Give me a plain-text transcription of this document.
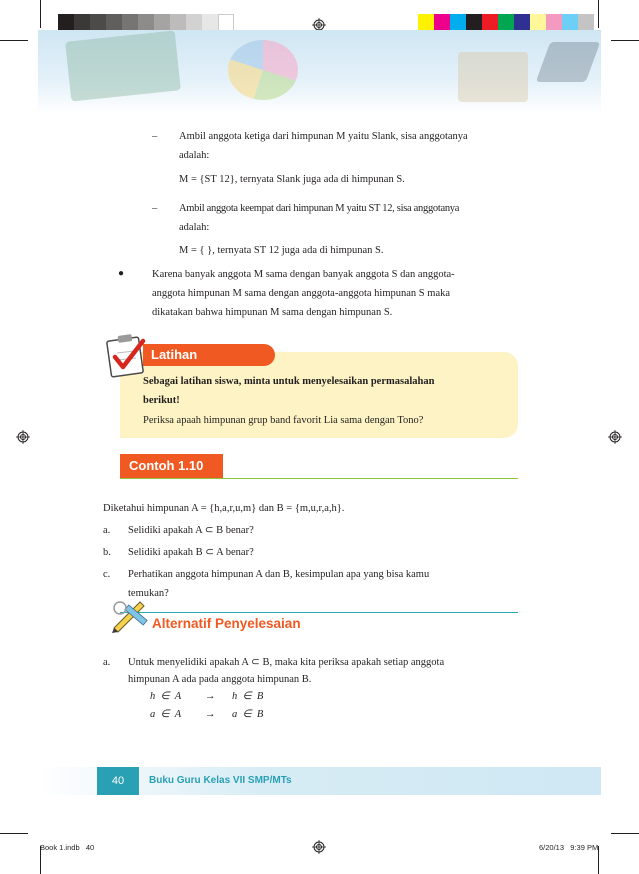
– Ambil anggota ketiga dari himpunan M yaitu Slank, sisa anggotanya
adalah:
M = {ST 12}, ternyata Slank juga ada di himpunan S.
– Ambil anggota keempat dari himpunan M yaitu ST 12, sisa anggotanya
adalah:
M = { }, ternyata ST 12 juga ada di himpunan S.
●	Karena banyak anggota M sama dengan banyak anggota S dan anggota-
anggota himpunan M sama dengan anggota-anggota himpunan S maka
dikatakan bahwa himpunan M sama dengan himpunan S.
Latihan
Sebagai latihan siswa, minta untuk menyelesaikan permasalahan
berikut!
Periksa apaah himpunan grup band favorit Lia sama dengan Tono?
Contoh 1.10
Diketahui himpunan A = {h,a,r,u,m} dan B = {m,u,r,a,h}.
a. Selidiki apakah A ⊂ B benar?
b. Selidiki apakah B ⊂ A benar?
c. Perhatikan anggota himpunan A dan B, kesimpulan apa yang bisa kamu
temukan?
Alternatif Penyelesaian
a. Untuk menyelidiki apakah A ⊂ B, maka kita periksa apakah setiap anggota
himpunan A ada pada anggota himpunan B.
h  ∈  A → h  ∈  B
a  ∈  A → a  ∈  B
40	Buku Guru Kelas VII SMP/MTs
Book 1.indb   40	6/20/13   9:39 PM
